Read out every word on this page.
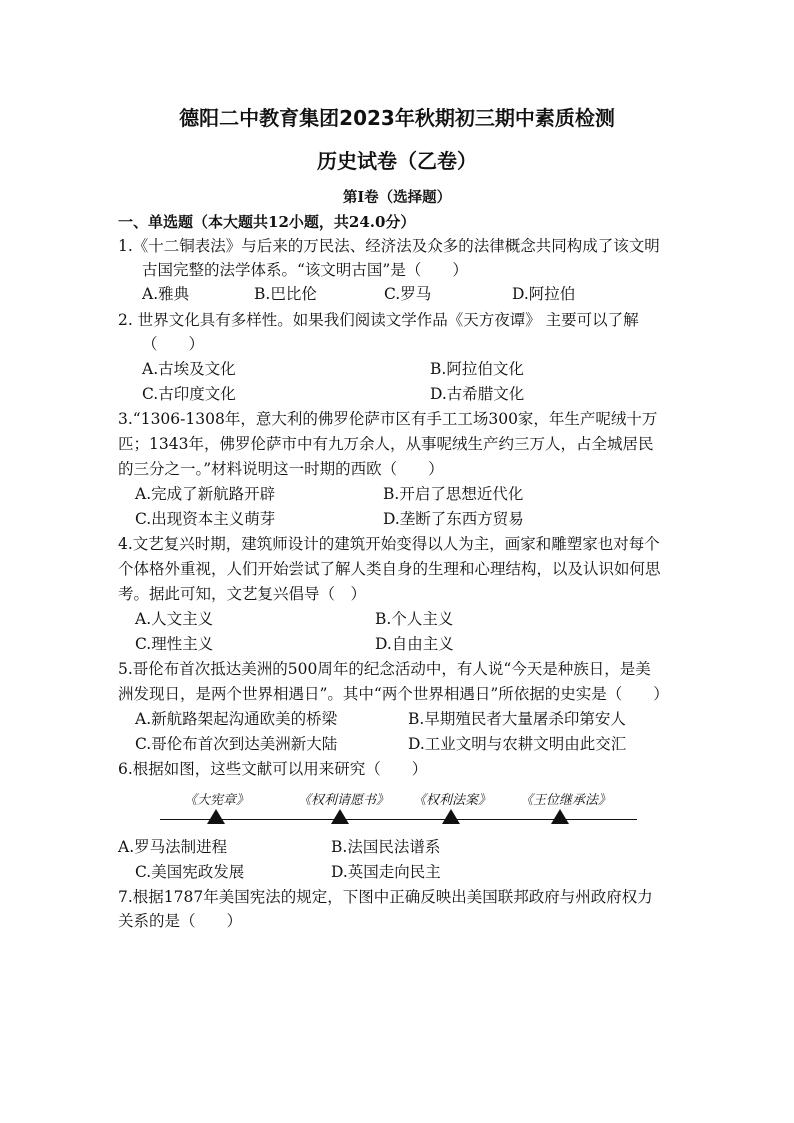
德阳二中教育集团2023年秋期初三期中素质检测
历史试卷（乙卷）
第Ⅰ卷（选择题）
一、单选题（本大题共12小题，共24.0分）
1.《十二铜表法》与后来的万民法、经济法及众多的法律概念共同构成了该文明
古国完整的法学体系。“该文明古国”是（　　）
A.雅典	B.巴比伦	C.罗马	D.阿拉伯
2. 世界文化具有多样性。如果我们阅读文学作品《天方夜谭》 主要可以了解
（　　）
A.古埃及文化	B.阿拉伯文化
C.古印度文化	D.古希腊文化
3.“1306-1308年，意大利的佛罗伦萨市区有手工工场300家，年生产呢绒十万
匹；1343年，佛罗伦萨市中有九万余人，从事呢绒生产约三万人，占全城居民
的三分之一。”材料说明这一时期的西欧（　　）
A.完成了新航路开辟	B.开启了思想近代化
C.出现资本主义萌芽	D.垄断了东西方贸易
4.文艺复兴时期，建筑师设计的建筑开始变得以人为主，画家和雕塑家也对每个
个体格外重视，人们开始尝试了解人类自身的生理和心理结构，以及认识如何思
考。据此可知，文艺复兴倡导（　）
A.人文主义	B.个人主义
C.理性主义	D.自由主义
5.哥伦布首次抵达美洲的500周年的纪念活动中，有人说“今天是种族日，是美
洲发现日，是两个世界相遇日”。其中“两个世界相遇日”所依据的史实是（　　）
A.新航路架起沟通欧美的桥梁	B.早期殖民者大量屠杀印第安人
C.哥伦布首次到达美洲新大陆	D.工业文明与农耕文明由此交汇
6.根据如图，这些文献可以用来研究（　　）
《大宪章》	《权利请愿书》 《权利法案》 《王位继承法》
A.罗马法制进程	B.法国民法谱系
C.美国宪政发展	D.英国走向民主
7.根据1787年美国宪法的规定，下图中正确反映出美国联邦政府与州政府权力
关系的是（　　）
